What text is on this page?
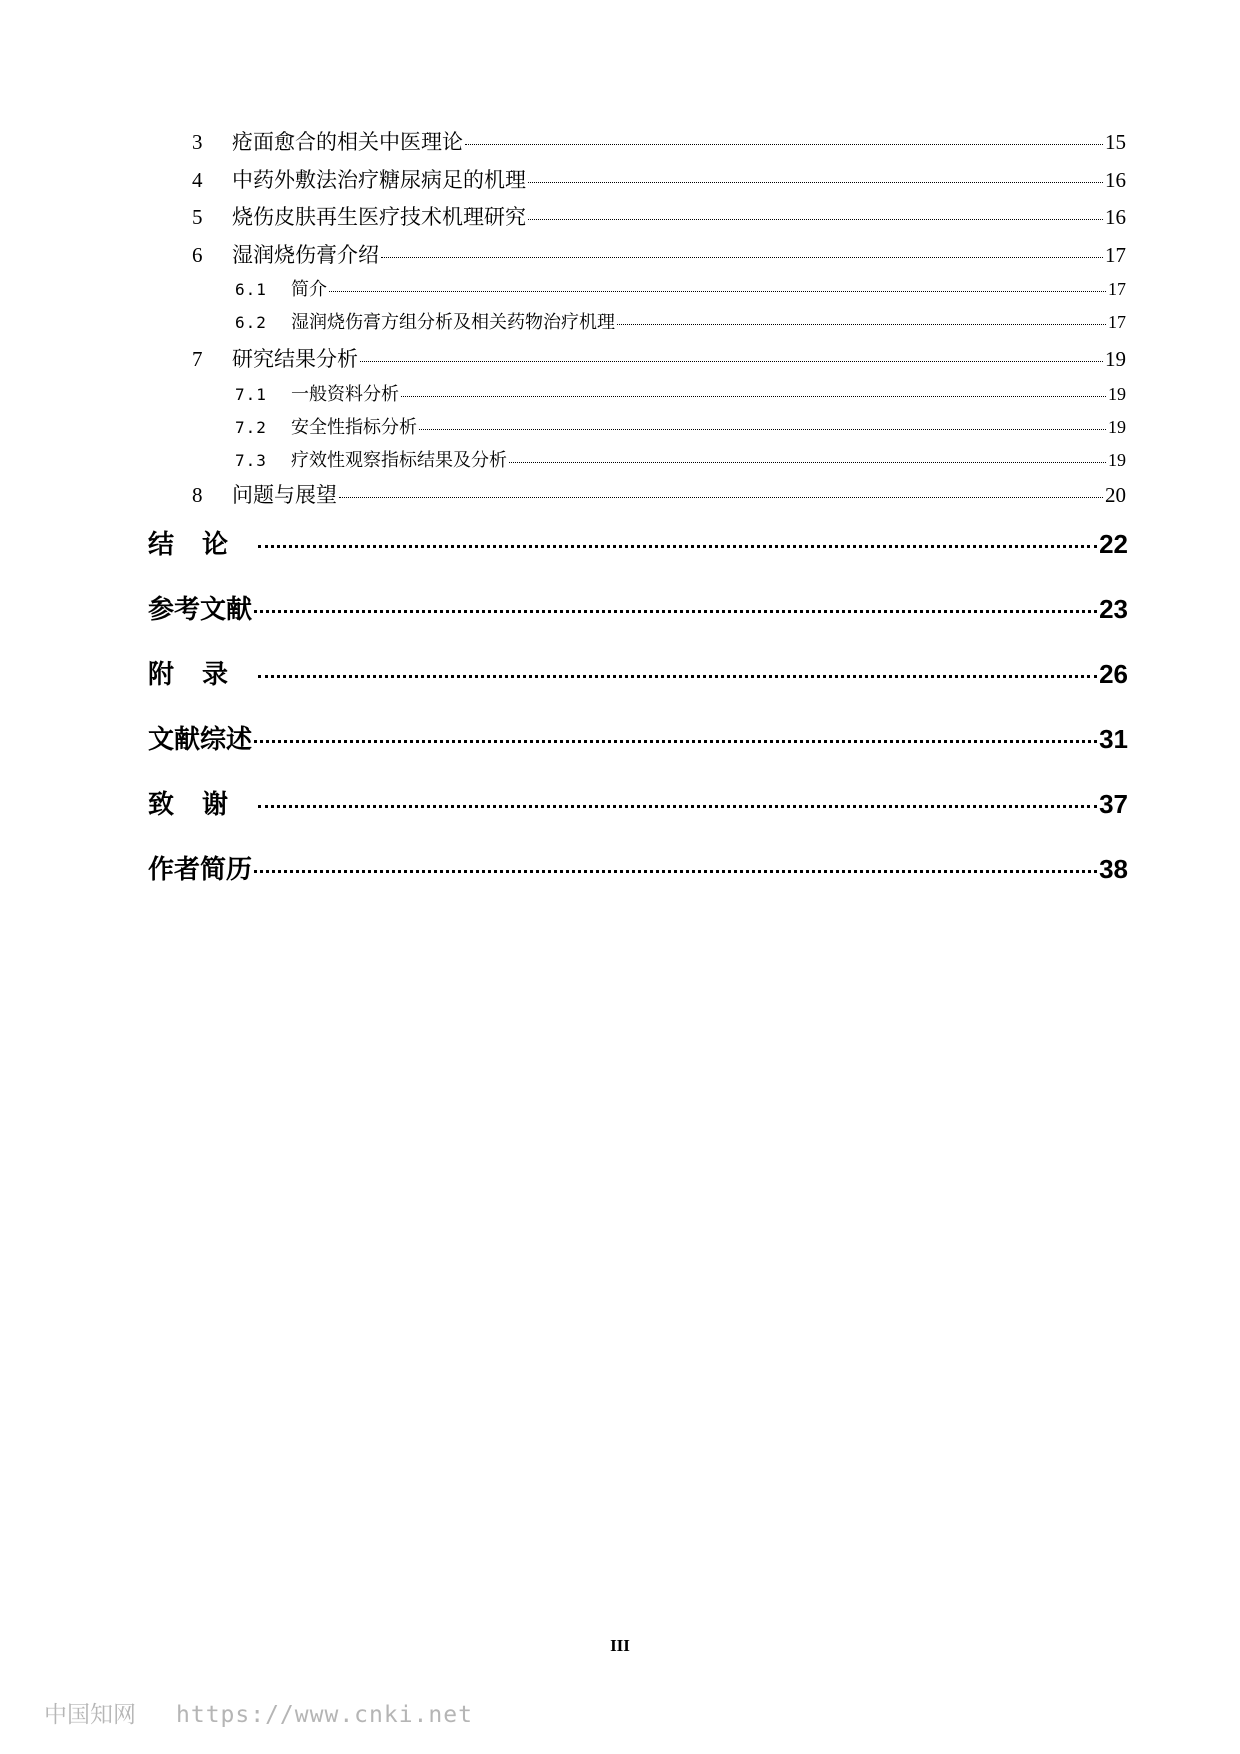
3	疮面愈合的相关中医理论	15
4	中药外敷法治疗糖尿病足的机理	16
5	烧伤皮肤再生医疗技术机理研究	16
6	湿润烧伤膏介绍	17
6.1	简介	17
6.2	湿润烧伤膏方组分析及相关药物治疗机理	17
7	研究结果分析	19
7.1	一般资料分析	19
7.2	安全性指标分析	19
7.3	疗效性观察指标结果及分析	19
8	问题与展望	20
结论	22
参考文献	23
附录	26
文献综述	31
致谢	37
作者简历	38
III
中国知网 https://www.cnki.net
